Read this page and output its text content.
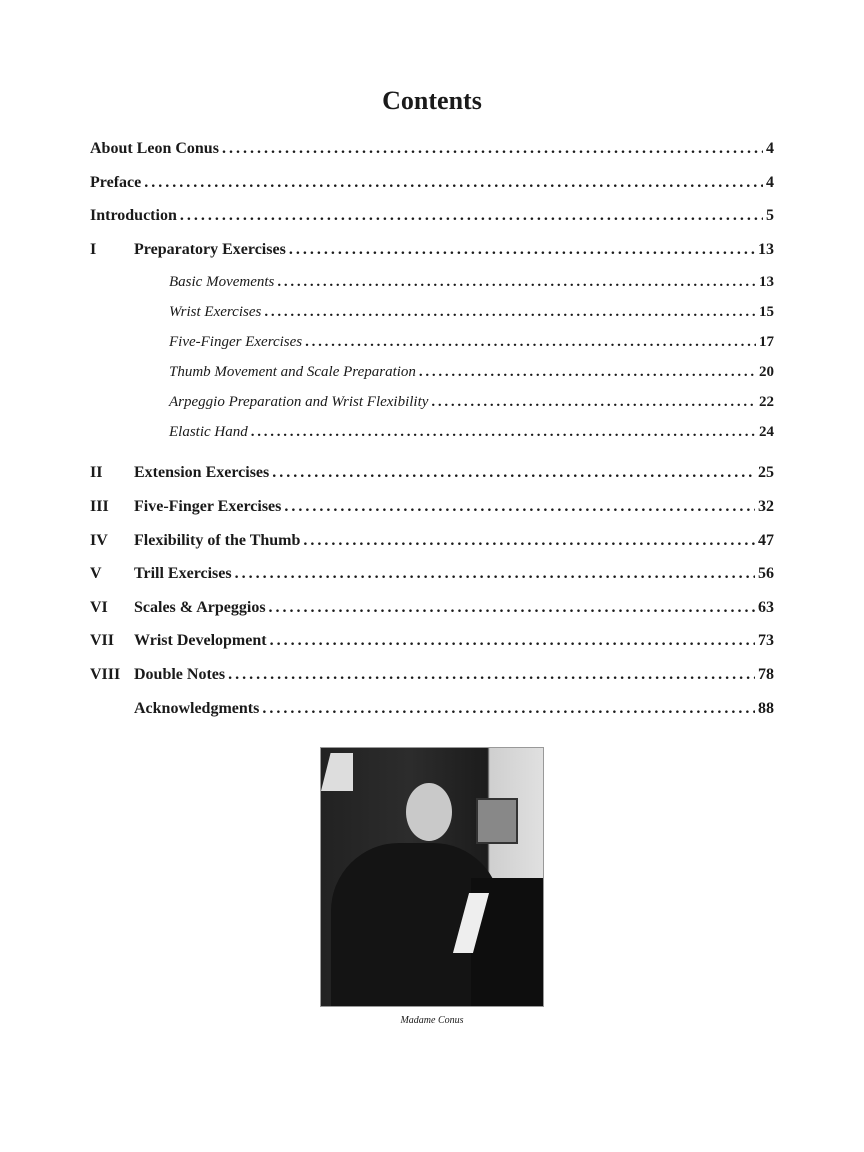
Contents
About Leon Conus . . .	4
Preface . . .	4
Introduction . . .	5
I	Preparatory Exercises . . .	13
Basic Movements . . .	13
Wrist Exercises . . .	15
Five-Finger Exercises . . .	17
Thumb Movement and Scale Preparation . . .	20
Arpeggio Preparation and Wrist Flexibility . . .	22
Elastic Hand . . .	24
II	Extension Exercises . . .	25
III	Five-Finger Exercises . . .	32
IV	Flexibility of the Thumb . . .	47
V	Trill Exercises . . .	56
VI	Scales & Arpeggios . . .	63
VII	Wrist Development . . .	73
VIII Double Notes . . .	78
Acknowledgments . . .	88
Madame Conus
